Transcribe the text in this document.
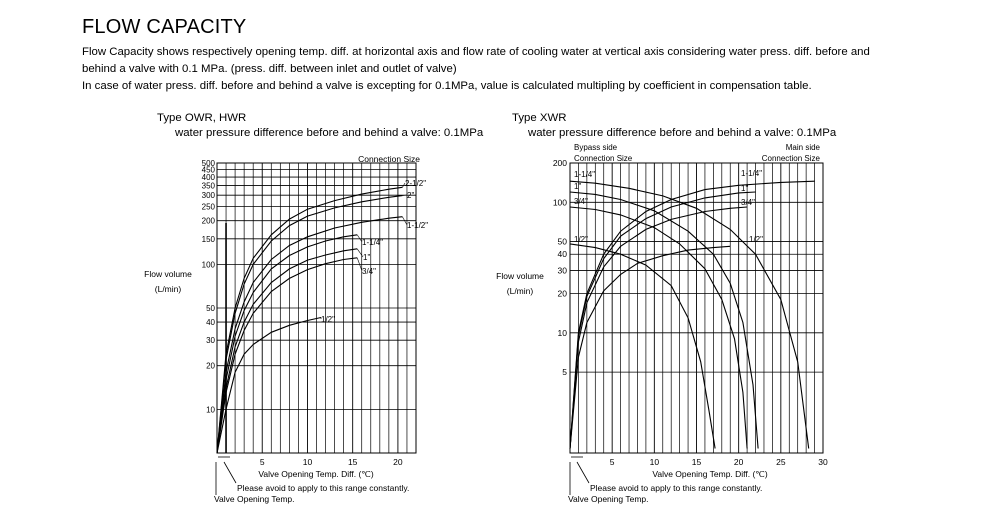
FLOW CAPACITY
Flow Capacity shows respectively opening temp. diff. at horizontal axis and flow rate of cooling water at vertical axis considering water press. diff. before and
behind a valve with 0.1 MPa. (press. diff. between inlet and outlet of valve)
In case of water press. diff. before and behind a valve is excepting for 0.1MPa, value is calculated multipling by coefficient in compensation table.
Type OWR, HWR
water pressure difference before and behind a valve: 0.1MPa
Type XWR
water pressure difference before and behind a valve: 0.1MPa
500
450
400
350
300
250
200
150
100
50
40
30
20
10
5	10	15	20
Connection Size
Flow volume
(L/min)
Valve Opening Temp. Diff. (℃)
2-1/2"
2"
1-1/2"
1-1/4"
1"
3/4"
1/2"
Please avoid to apply to this range constantly.
Valve Opening Temp.
200
100
50
40
30
20
10
5
5	10	15	20	25	30
Bypass side
Connection Size
Main side
Connection Size
Flow volume
(L/min)
Valve Opening Temp. Diff. (℃)
1-1/4"
1"
3/4"
1/2"
1-1/4"
1"
3/4"
1/2"
Please avoid to apply to this range constantly.
Valve Opening Temp.
